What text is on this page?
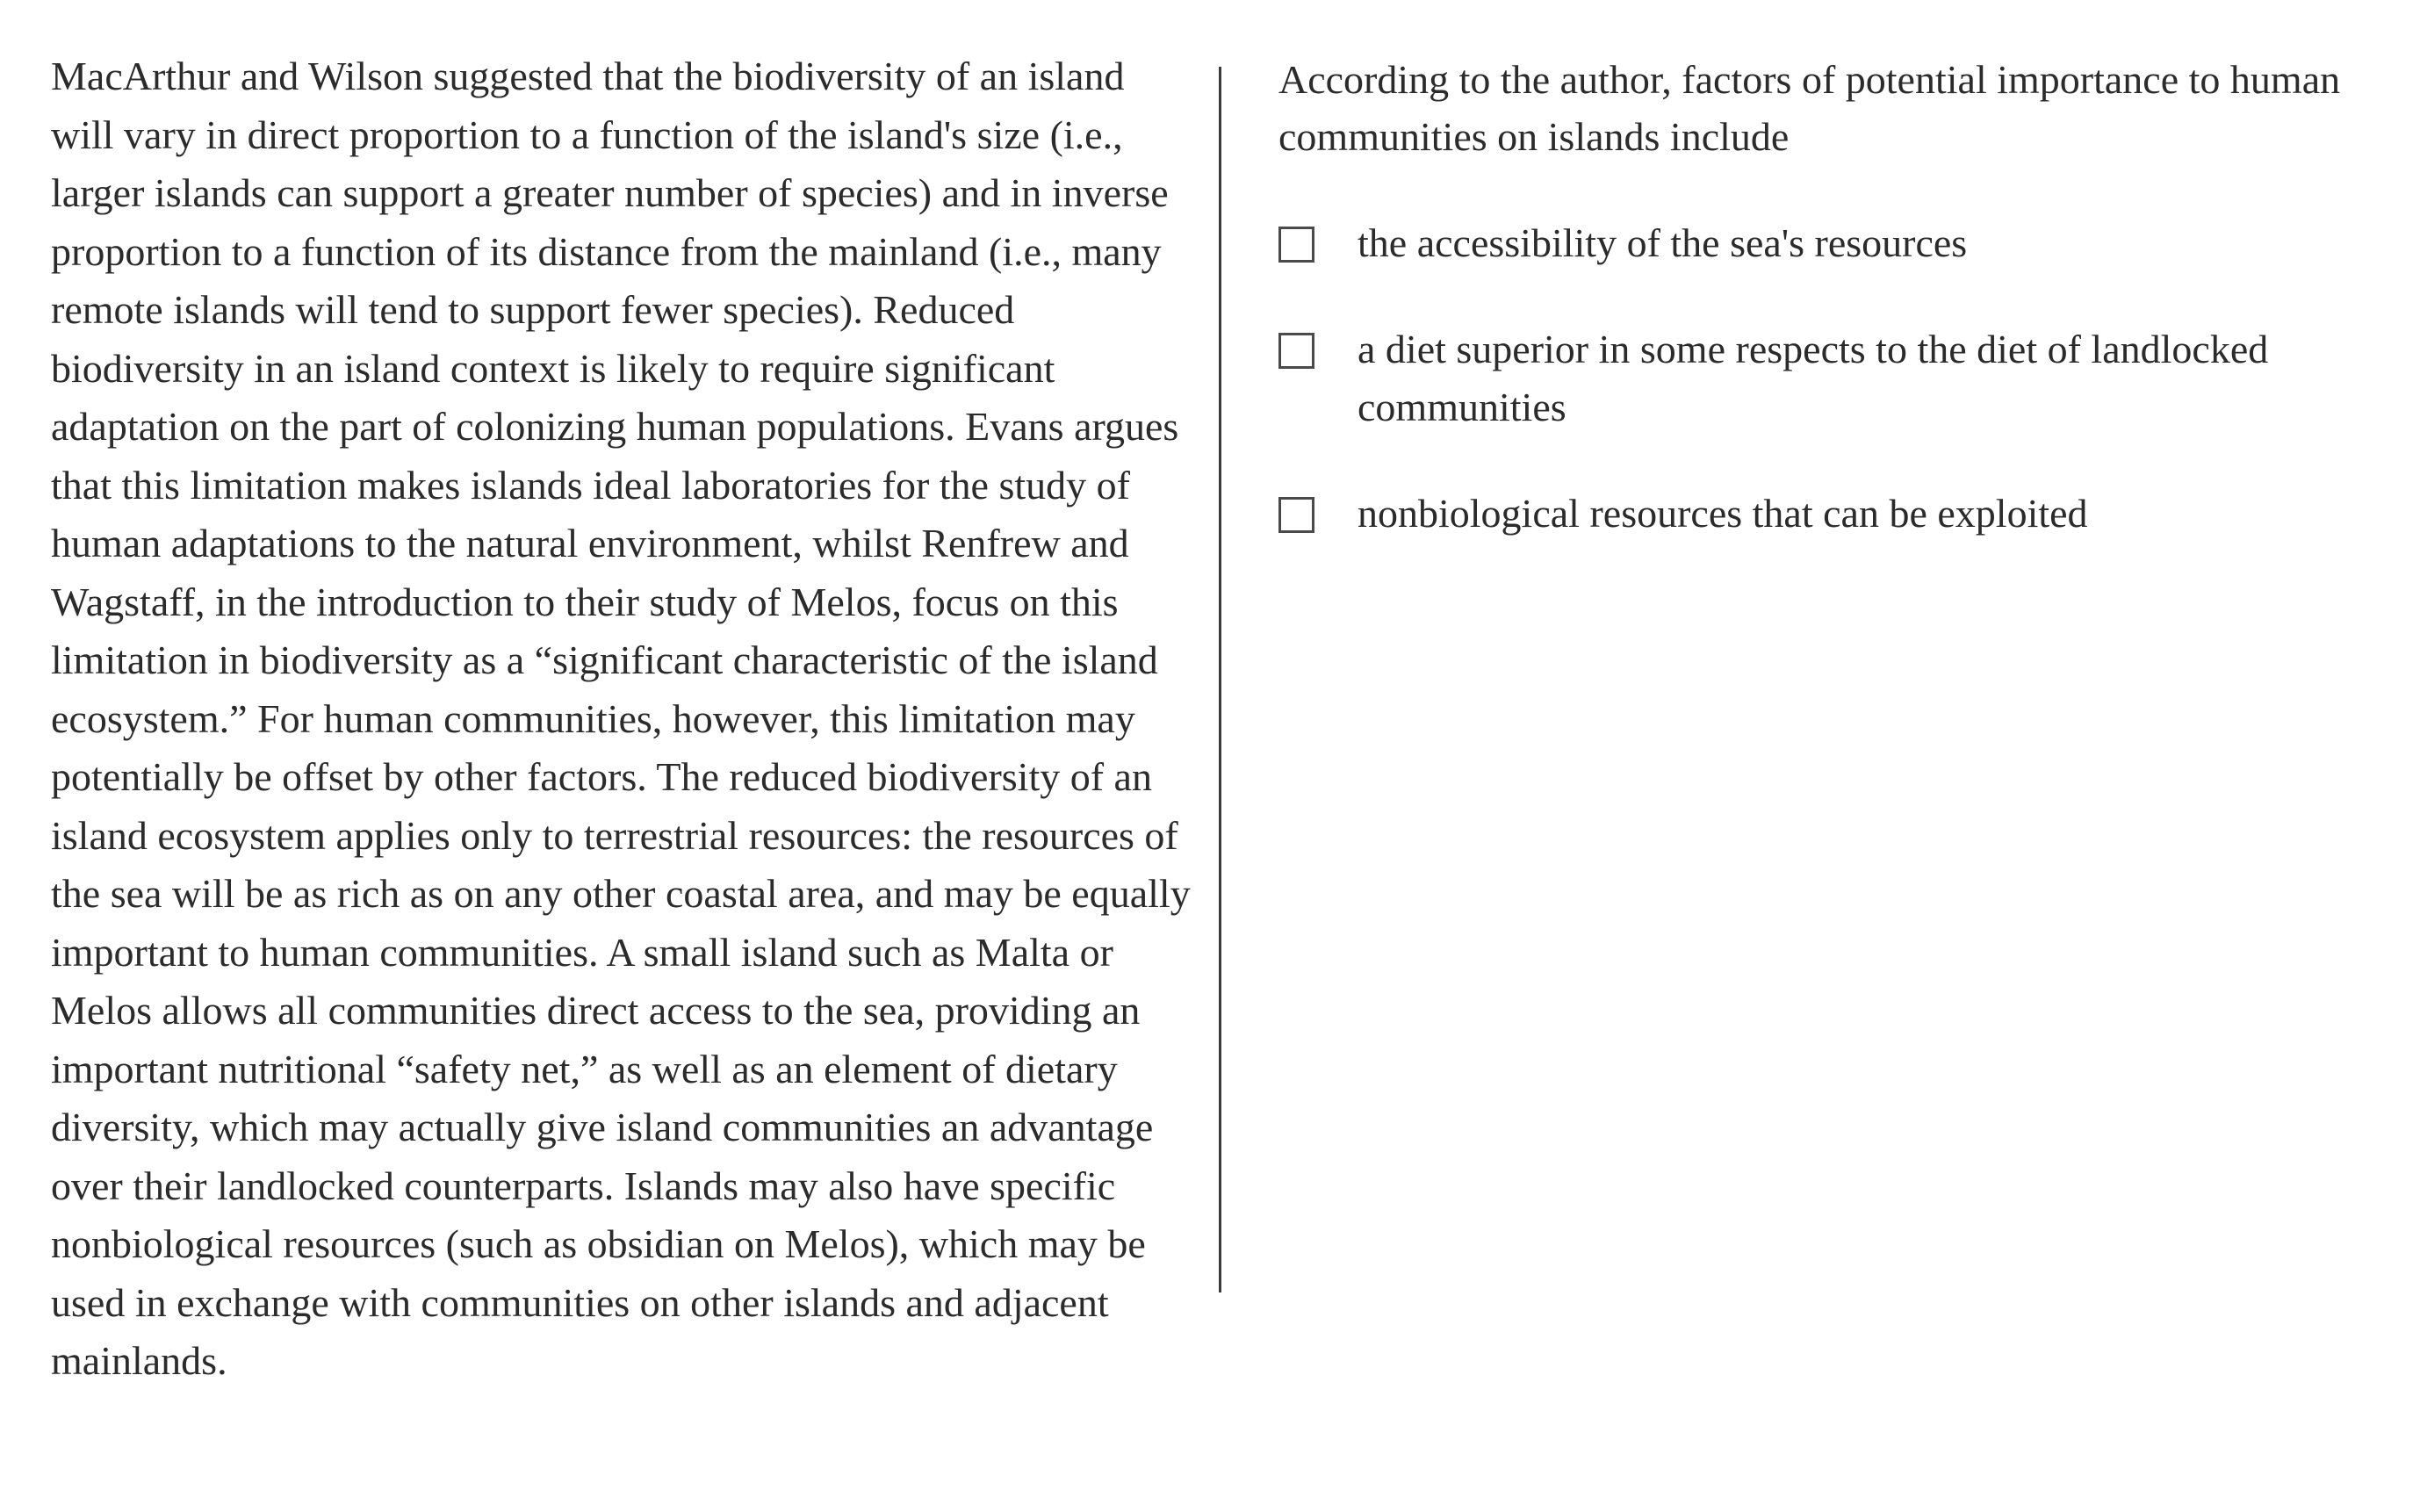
MacArthur and Wilson suggested that the biodiversity of an island will vary in direct proportion to a function of the island's size (i.e., larger islands can support a greater number of species) and in inverse proportion to a function of its distance from the mainland (i.e., many remote islands will tend to support fewer species). Reduced biodiversity in an island context is likely to require significant adaptation on the part of colonizing human populations. Evans argues that this limitation makes islands ideal laboratories for the study of human adaptations to the natural environment, whilst Renfrew and Wagstaff, in the introduction to their study of Melos, focus on this limitation in biodiversity as a “significant characteristic of the island ecosystem.” For human communities, however, this limitation may potentially be offset by other factors. The reduced biodiversity of an island ecosystem applies only to terrestrial resources: the resources of the sea will be as rich as on any other coastal area, and may be equally important to human communities. A small island such as Malta or Melos allows all communities direct access to the sea, providing an important nutritional “safety net,” as well as an element of dietary diversity, which may actually give island communities an advantage over their landlocked counterparts. Islands may also have specific nonbiological resources (such as obsidian on Melos), which may be used in exchange with communities on other islands and adjacent mainlands.

According to the author, factors of potential importance to human communities on islands include

the accessibility of the sea's resources
a diet superior in some respects to the diet of landlocked communities
nonbiological resources that can be exploited
